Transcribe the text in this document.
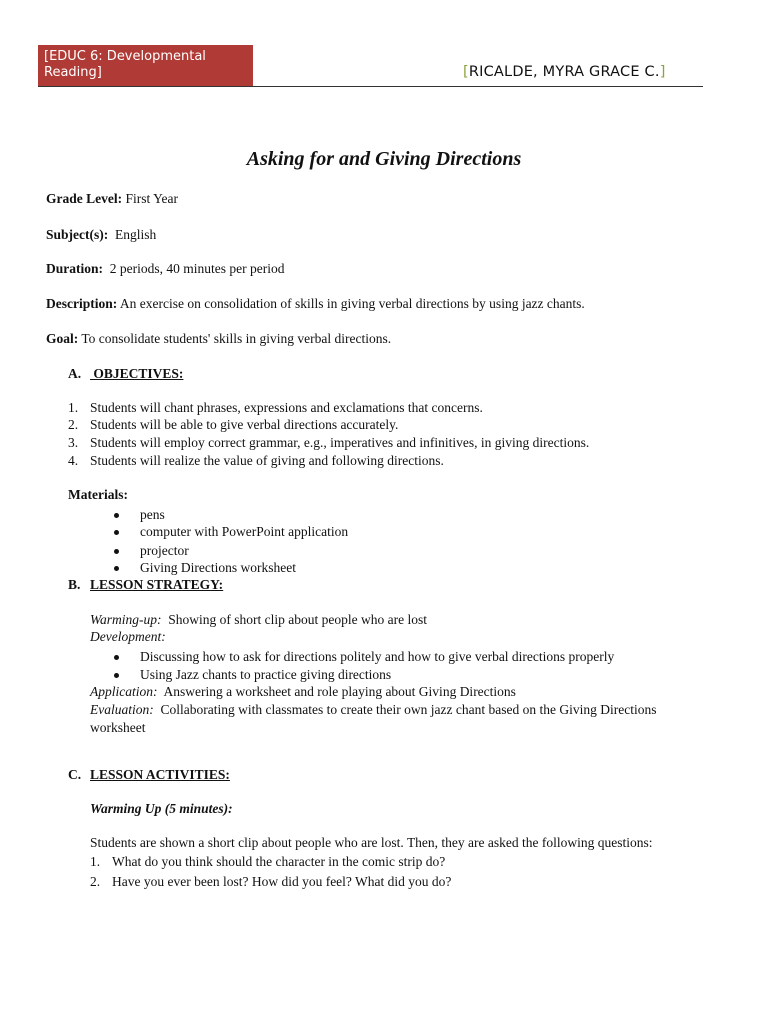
[EDUC 6: Developmental Reading]	[RICALDE, MYRA GRACE C.]
Asking for and Giving Directions
Grade Level: First Year
Subject(s):  English
Duration:  2 periods, 40 minutes per period
Description: An exercise on consolidation of skills in giving verbal directions by using jazz chants.
Goal: To consolidate students' skills in giving verbal directions.
A. OBJECTIVES:
1. Students will chant phrases, expressions and exclamations that concerns.
2. Students will be able to give verbal directions accurately.
3. Students will employ correct grammar, e.g., imperatives and infinitives, in giving directions.
4. Students will realize the value of giving and following directions.
Materials:
pens
computer with PowerPoint application
projector
Giving Directions worksheet
B. LESSON STRATEGY:
Warming-up:  Showing of short clip about people who are lost
Development:
Discussing how to ask for directions politely and how to give verbal directions properly
Using Jazz chants to practice giving directions
Application:  Answering a worksheet and role playing about Giving Directions
Evaluation:  Collaborating with classmates to create their own jazz chant based on the Giving Directions
worksheet
C. LESSON ACTIVITIES:
Warming Up (5 minutes):
Students are shown a short clip about people who are lost. Then, they are asked the following questions:
1. What do you think should the character in the comic strip do?
2. Have you ever been lost? How did you feel? What did you do?
